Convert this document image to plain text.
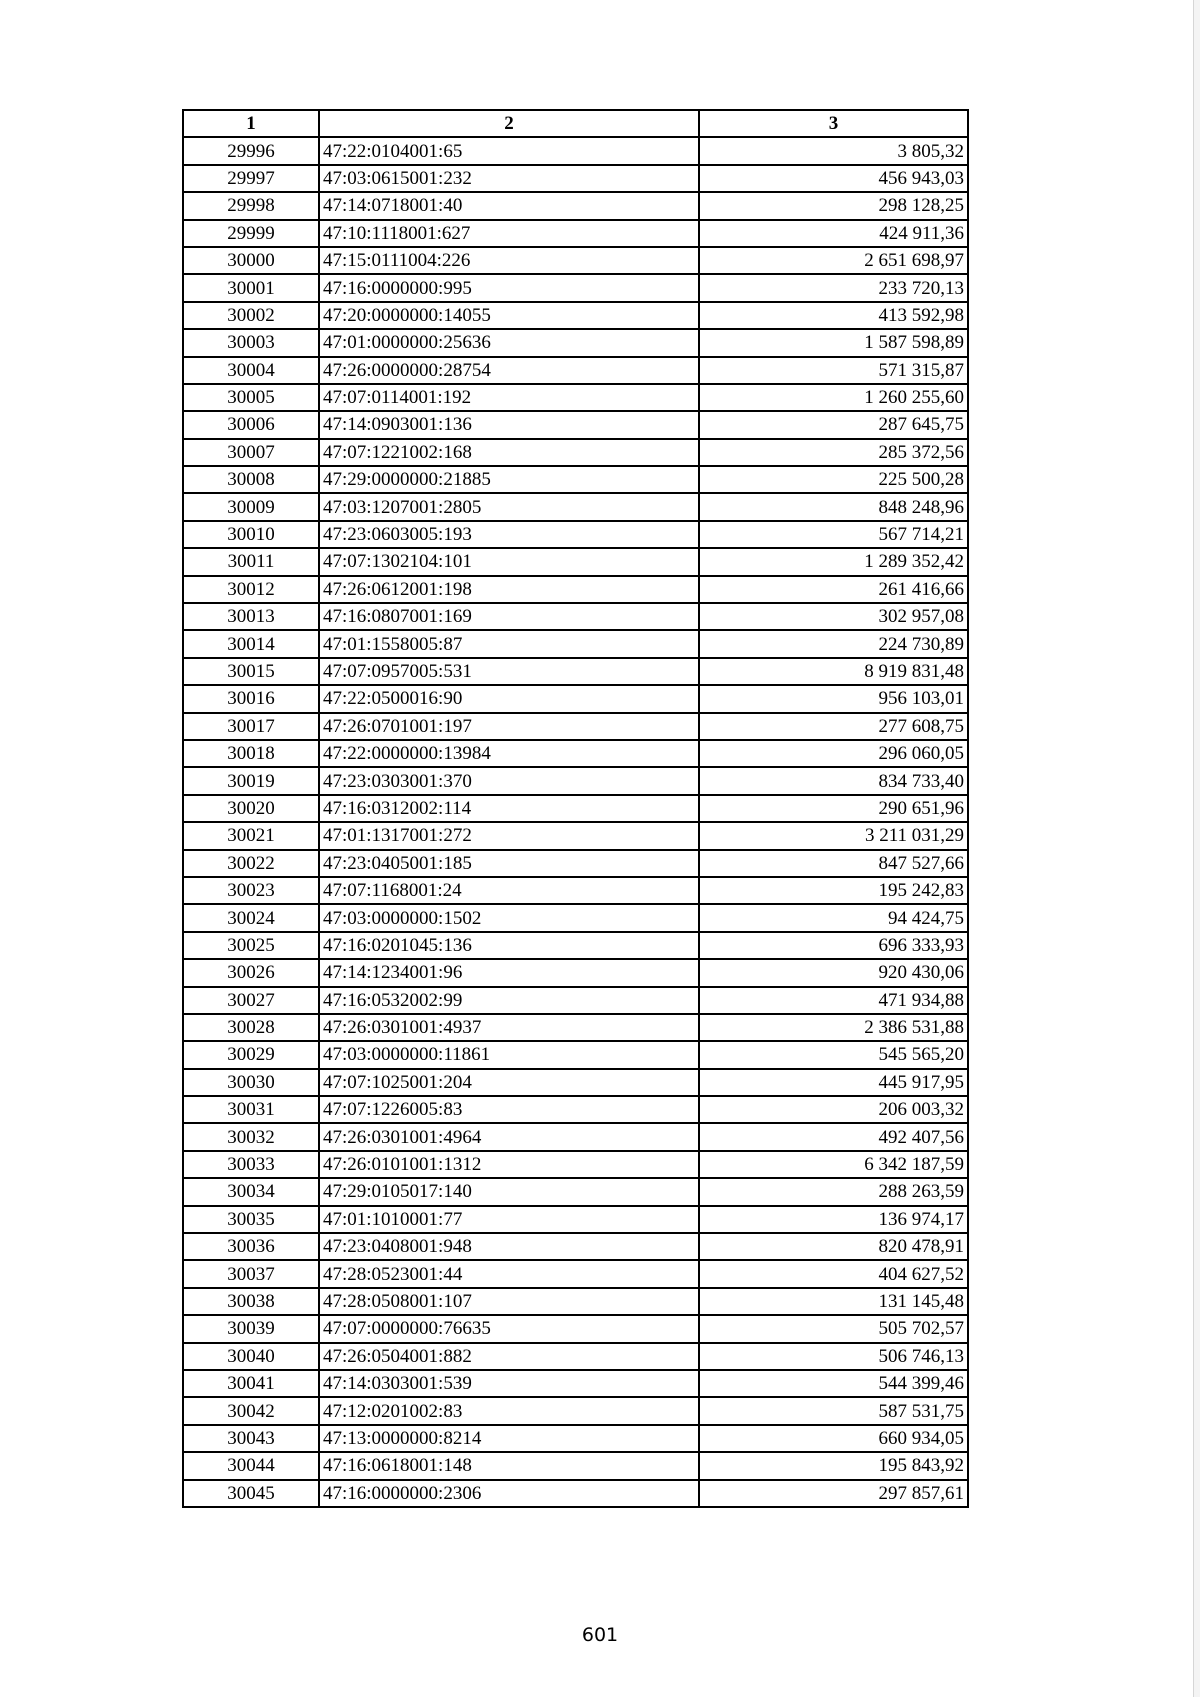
1	2	3
29996	47:22:0104001:65	3 805,32
29997	47:03:0615001:232	456 943,03
29998	47:14:0718001:40	298 128,25
29999	47:10:1118001:627	424 911,36
30000	47:15:0111004:226	2 651 698,97
30001	47:16:0000000:995	233 720,13
30002	47:20:0000000:14055	413 592,98
30003	47:01:0000000:25636	1 587 598,89
30004	47:26:0000000:28754	571 315,87
30005	47:07:0114001:192	1 260 255,60
30006	47:14:0903001:136	287 645,75
30007	47:07:1221002:168	285 372,56
30008	47:29:0000000:21885	225 500,28
30009	47:03:1207001:2805	848 248,96
30010	47:23:0603005:193	567 714,21
30011	47:07:1302104:101	1 289 352,42
30012	47:26:0612001:198	261 416,66
30013	47:16:0807001:169	302 957,08
30014	47:01:1558005:87	224 730,89
30015	47:07:0957005:531	8 919 831,48
30016	47:22:0500016:90	956 103,01
30017	47:26:0701001:197	277 608,75
30018	47:22:0000000:13984	296 060,05
30019	47:23:0303001:370	834 733,40
30020	47:16:0312002:114	290 651,96
30021	47:01:1317001:272	3 211 031,29
30022	47:23:0405001:185	847 527,66
30023	47:07:1168001:24	195 242,83
30024	47:03:0000000:1502	94 424,75
30025	47:16:0201045:136	696 333,93
30026	47:14:1234001:96	920 430,06
30027	47:16:0532002:99	471 934,88
30028	47:26:0301001:4937	2 386 531,88
30029	47:03:0000000:11861	545 565,20
30030	47:07:1025001:204	445 917,95
30031	47:07:1226005:83	206 003,32
30032	47:26:0301001:4964	492 407,56
30033	47:26:0101001:1312	6 342 187,59
30034	47:29:0105017:140	288 263,59
30035	47:01:1010001:77	136 974,17
30036	47:23:0408001:948	820 478,91
30037	47:28:0523001:44	404 627,52
30038	47:28:0508001:107	131 145,48
30039	47:07:0000000:76635	505 702,57
30040	47:26:0504001:882	506 746,13
30041	47:14:0303001:539	544 399,46
30042	47:12:0201002:83	587 531,75
30043	47:13:0000000:8214	660 934,05
30044	47:16:0618001:148	195 843,92
30045	47:16:0000000:2306	297 857,61
601
